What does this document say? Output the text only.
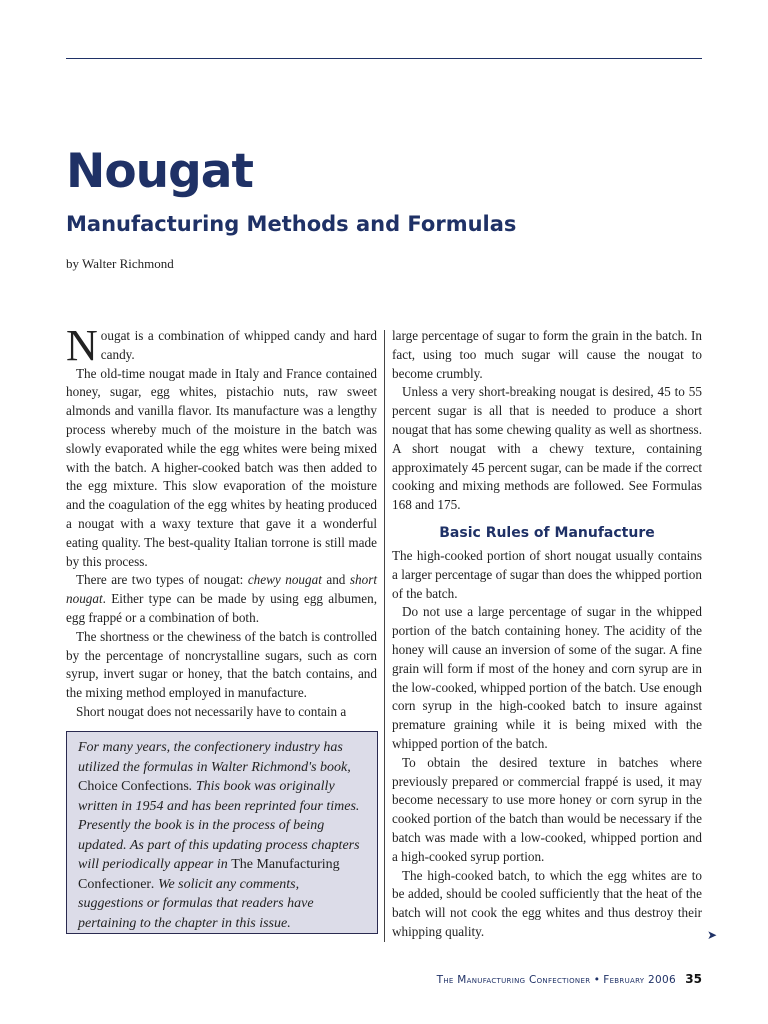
Nougat
Manufacturing Methods and Formulas
by Walter Richmond

Nougat is a combination of whipped candy and hard candy.

The old-time nougat made in Italy and France contained honey, sugar, egg whites, pistachio nuts, raw sweet almonds and vanilla flavor. Its manufacture was a lengthy process whereby much of the moisture in the batch was slowly evaporated while the egg whites were being mixed with the batch. A higher-cooked batch was then added to the egg mixture. This slow evaporation of the moisture and the coagulation of the egg whites by heating produced a nougat with a waxy texture that gave it a wonderful eating quality. The best-quality Italian torrone is still made by this process.

There are two types of nougat: chewy nougat and short nougat. Either type can be made by using egg albumen, egg frappé or a combination of both.

The shortness or the chewiness of the batch is controlled by the percentage of noncrystalline sugars, such as corn syrup, invert sugar or honey, that the batch contains, and the mixing method employed in manufacture.

Short nougat does not necessarily have to contain a

For many years, the confectionery industry has utilized the formulas in Walter Richmond's book, Choice Confections. This book was originally written in 1954 and has been reprinted four times. Presently the book is in the process of being updated. As part of this updating process chapters will periodically appear in The Manufacturing Confectioner. We solicit any comments, suggestions or formulas that readers have pertaining to the chapter in this issue.

large percentage of sugar to form the grain in the batch. In fact, using too much sugar will cause the nougat to become crumbly.

Unless a very short-breaking nougat is desired, 45 to 55 percent sugar is all that is needed to produce a short nougat that has some chewing quality as well as shortness. A short nougat with a chewy texture, containing approximately 45 percent sugar, can be made if the correct cooking and mixing methods are followed. See Formulas 168 and 175.

Basic Rules of Manufacture

The high-cooked portion of short nougat usually contains a larger percentage of sugar than does the whipped portion of the batch.

Do not use a large percentage of sugar in the whipped portion of the batch containing honey. The acidity of the honey will cause an inversion of some of the sugar. A fine grain will form if most of the honey and corn syrup are in the low-cooked, whipped portion of the batch. Use enough corn syrup in the high-cooked batch to insure against premature graining while it is being mixed with the whipped portion of the batch.

To obtain the desired texture in batches where previously prepared or commercial frappé is used, it may become necessary to use more honey or corn syrup in the cooked portion of the batch than would be necessary if the batch was made with a low-cooked, whipped portion and a high-cooked syrup portion.

The high-cooked batch, to which the egg whites are to be added, should be cooled sufficiently that the heat of the batch will not cook the egg whites and thus destroy their whipping quality.	➤
The Manufacturing Confectioner • February 2006 35
